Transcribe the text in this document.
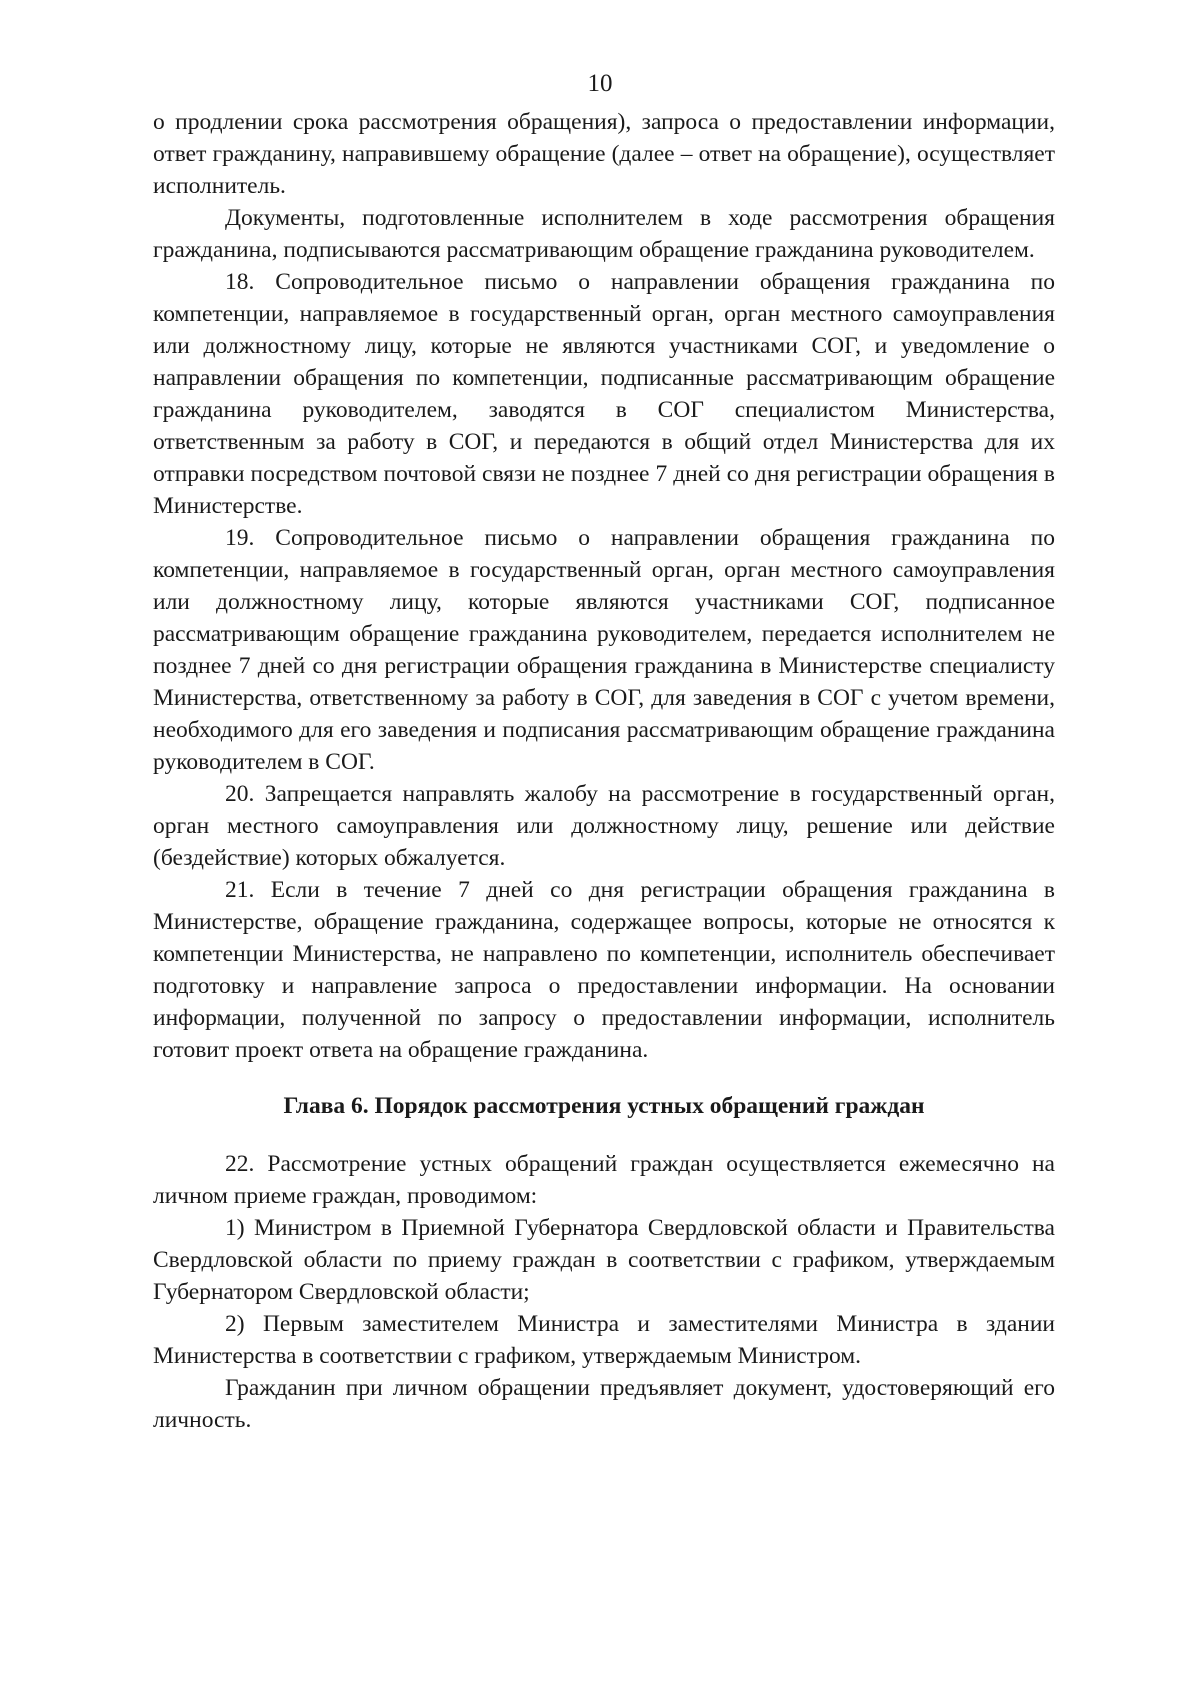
10

о продлении срока рассмотрения обращения), запроса о предоставлении информации, ответ гражданину, направившему обращение (далее – ответ на обращение), осуществляет исполнитель.

Документы, подготовленные исполнителем в ходе рассмотрения обращения гражданина, подписываются рассматривающим обращение гражданина руководителем.

18. Сопроводительное письмо о направлении обращения гражданина по компетенции, направляемое в государственный орган, орган местного самоуправления или должностному лицу, которые не являются участниками СОГ, и уведомление о направлении обращения по компетенции, подписанные рассматривающим обращение гражданина руководителем, заводятся в СОГ специалистом Министерства, ответственным за работу в СОГ, и передаются в общий отдел Министерства для их отправки посредством почтовой связи не позднее 7 дней со дня регистрации обращения в Министерстве.

19. Сопроводительное письмо о направлении обращения гражданина по компетенции, направляемое в государственный орган, орган местного самоуправления или должностному лицу, которые являются участниками СОГ, подписанное рассматривающим обращение гражданина руководителем, передается исполнителем не позднее 7 дней со дня регистрации обращения гражданина в Министерстве специалисту Министерства, ответственному за работу в СОГ, для заведения в СОГ с учетом времени, необходимого для его заведения и подписания рассматривающим обращение гражданина руководителем в СОГ.

20. Запрещается направлять жалобу на рассмотрение в государственный орган, орган местного самоуправления или должностному лицу, решение или действие (бездействие) которых обжалуется.

21. Если в течение 7 дней со дня регистрации обращения гражданина в Министерстве, обращение гражданина, содержащее вопросы, которые не относятся к компетенции Министерства, не направлено по компетенции, исполнитель обеспечивает подготовку и направление запроса о предоставлении информации. На основании информации, полученной по запросу о предоставлении информации, исполнитель готовит проект ответа на обращение гражданина.

Глава 6. Порядок рассмотрения устных обращений граждан

22. Рассмотрение устных обращений граждан осуществляется ежемесячно на личном приеме граждан, проводимом:

1) Министром в Приемной Губернатора Свердловской области и Правительства Свердловской области по приему граждан в соответствии с графиком, утверждаемым Губернатором Свердловской области;

2) Первым заместителем Министра и заместителями Министра в здании Министерства в соответствии с графиком, утверждаемым Министром.

Гражданин при личном обращении предъявляет документ, удостоверяющий его личность.
